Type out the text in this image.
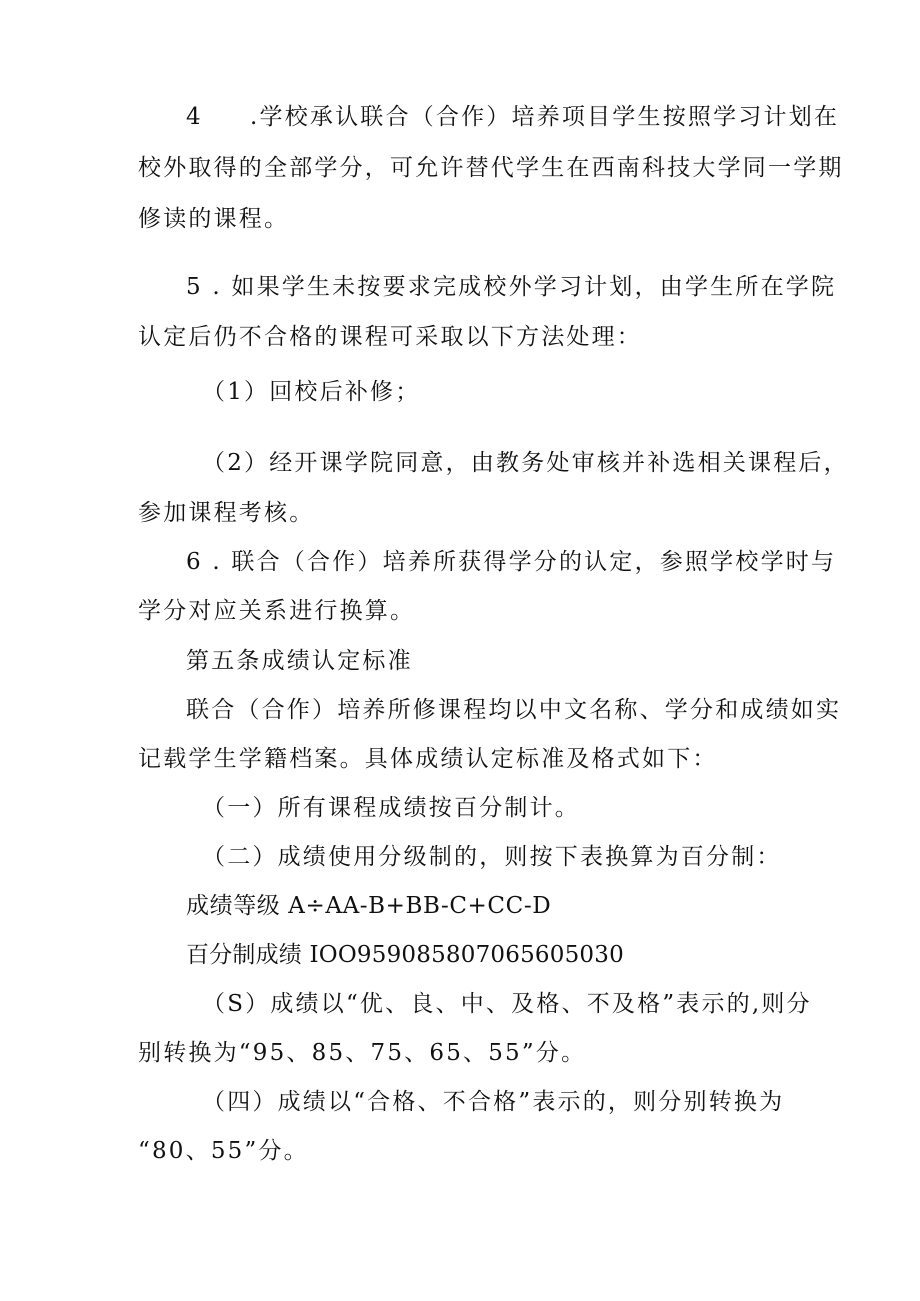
4 .学校承认联合（合作）培养项目学生按照学习计划在
校外取得的全部学分，可允许替代学生在西南科技大学同一学期
修读的课程。
5 . 如果学生未按要求完成校外学习计划，由学生所在学院
认定后仍不合格的课程可采取以下方法处理：
（1）回校后补修；
（2）经开课学院同意，由教务处审核并补选相关课程后，
参加课程考核。
6 . 联合（合作）培养所获得学分的认定，参照学校学时与
学分对应关系进行换算。
第五条成绩认定标准
联合（合作）培养所修课程均以中文名称、学分和成绩如实
记载学生学籍档案。具体成绩认定标准及格式如下：
（一）所有课程成绩按百分制计。
（二）成绩使用分级制的，则按下表换算为百分制：
成绩等级 A÷AA-B+BB-C+CC-D
百分制成绩 IOO959085807065605030
（S）成绩以“优、良、中、及格、不及格”表示的,则分
别转换为“95、85、75、65、55”分。
（四）成绩以“合格、不合格”表示的，则分别转换为
“80、55”分。
